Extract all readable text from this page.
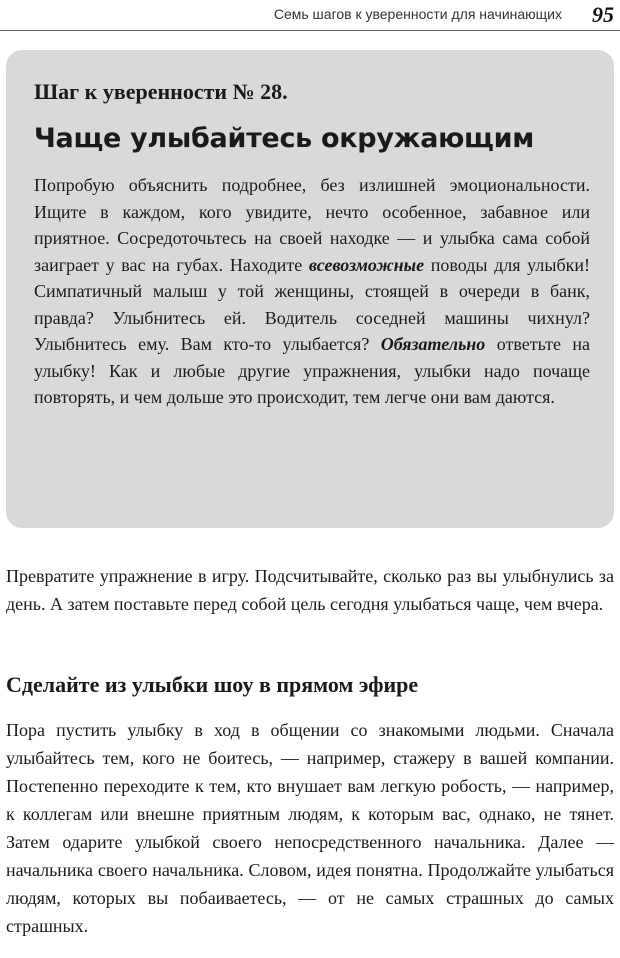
Семь шагов к уверенности для начинающих 95

Шаг к уверенности № 28.

Чаще улыбайтесь окружающим

Попробую объяснить подробнее, без излишней эмоциональности. Ищите в каждом, кого увидите, нечто особенное, забавное или приятное. Сосредоточьтесь на своей находке — и улыбка сама собой заиграет у вас на губах. Находите всевозможные поводы для улыбки! Симпатичный малыш у той женщины, стоящей в очереди в банк, правда? Улыбнитесь ей. Водитель соседней машины чихнул? Улыбнитесь ему. Вам кто-то улыбается? Обязательно ответьте на улыбку! Как и любые другие упражнения, улыбки надо почаще повторять, и чем дольше это происходит, тем легче они вам даются.

Превратите упражнение в игру. Подсчитывайте, сколько раз вы улыбнулись за день. А затем поставьте перед собой цель сегодня улыбаться чаще, чем вчера.

Сделайте из улыбки шоу в прямом эфире

Пора пустить улыбку в ход в общении со знакомыми людьми. Сначала улыбайтесь тем, кого не боитесь, — например, стажеру в вашей компании. Постепенно переходите к тем, кто внушает вам легкую робость, — например, к коллегам или внешне приятным людям, к которым вас, однако, не тянет. Затем одарите улыбкой своего непосредственного начальника. Далее — начальника своего начальника. Словом, идея понятна. Продолжайте улыбаться людям, которых вы побаиваетесь, — от не самых страшных до самых страшных.
